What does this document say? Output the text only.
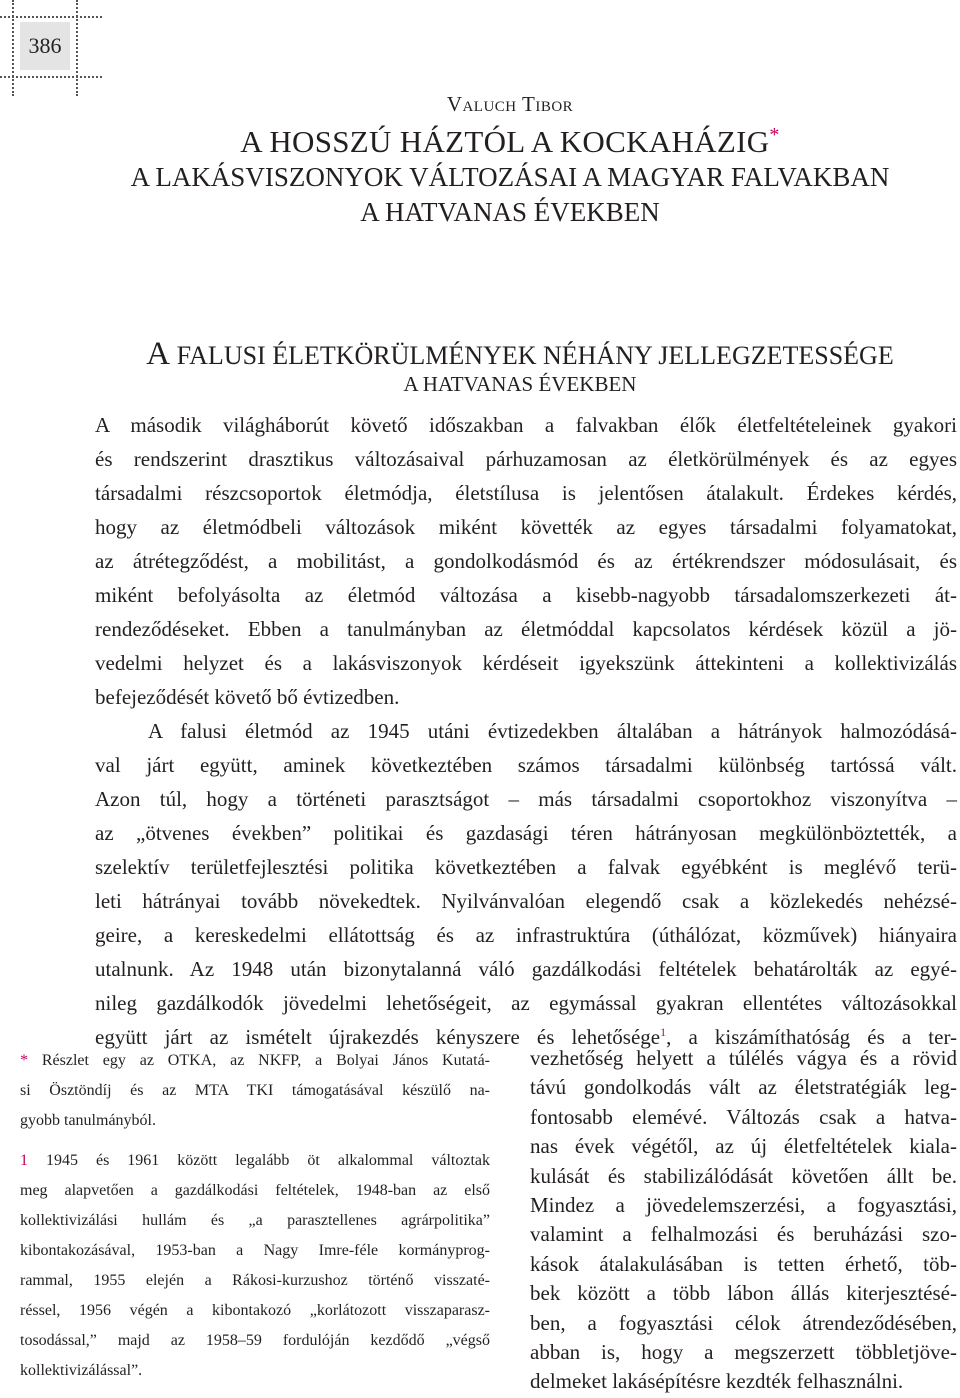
386
Valuch Tibor
A HOSSZÚ HÁZTÓL A KOCKAHÁZIG*
A LAKÁSVISZONYOK VÁLTOZÁSAI A MAGYAR FALVAKBAN
A HATVANAS ÉVEKBEN
A FALUSI ÉLETKÖRÜLMÉNYEK NÉHÁNY JELLEGZETESSÉGE
A HATVANAS ÉVEKBEN
A második világháborút követő időszakban a falvakban élők életfeltételeinek gyakori
és rendszerint drasztikus változásaival párhuzamosan az életkörülmények és az egyes
társadalmi részcsoportok életmódja, életstílusa is jelentősen átalakult. Érdekes kérdés,
hogy az életmódbeli változások miként követték az egyes társadalmi folyamatokat,
az átrétegződést, a mobilitást, a gondolkodásmód és az értékrendszer módosulásait, és
miként befolyásolta az életmód változása a kisebb-nagyobb társadalomszerkezeti át-
rendeződéseket. Ebben a tanulmányban az életmóddal kapcsolatos kérdések közül a jö-
vedelmi helyzet és a lakásviszonyok kérdéseit igyekszünk áttekinteni a kollektivizálás
befejeződését követő bő évtizedben.
A falusi életmód az 1945 utáni évtizedekben általában a hátrányok halmozódásá-
val járt együtt, aminek következtében számos társadalmi különbség tartóssá vált.
Azon túl, hogy a történeti parasztságot – más társadalmi csoportokhoz viszonyítva –
az „ötvenes években” politikai és gazdasági téren hátrányosan megkülönböztették, a
szelektív területfejlesztési politika következtében a falvak egyébként is meglévő terü-
leti hátrányai tovább növekedtek. Nyilvánvalóan elegendő csak a közlekedés nehézsé-
geire, a kereskedelmi ellátottság és az infrastruktúra (úthálózat, közművek) hiányaira
utalnunk. Az 1948 után bizonytalanná váló gazdálkodási feltételek behatárolták az egyé-
nileg gazdálkodók jövedelmi lehetőségeit, az egymással gyakran ellentétes változásokkal
együtt járt az ismételt újrakezdés kényszere és lehetősége$^1$, a kiszámíthatóság és a ter-
* Részlet egy az OTKA, az NKFP, a Bolyai János Kutatá-
si Ösztöndíj és az MTA TKI támogatásával készülő na-
gyobb tanulmányból.
1 1945 és 1961 között legalább öt alkalommal változtak
meg alapvetően a gazdálkodási feltételek, 1948-ban az első
kollektivizálási hullám és „a parasztellenes agrárpolitika”
kibontakozásával, 1953-ban a Nagy Imre-féle kormányprog-
rammal, 1955 elején a Rákosi-kurzushoz történő visszaté-
réssel, 1956 végén a kibontakozó „korlátozott visszaparasz-
tosodással,” majd az 1958–59 fordulóján kezdődő „végső
kollektivizálással”.
vezhetőség helyett a túlélés vágya és a rövid
távú gondolkodás vált az életstratégiák leg-
fontosabb elemévé. Változás csak a hatva-
nas évek végétől, az új életfeltételek kiala-
kulását és stabilizálódását követően állt be.
Mindez a jövedelemszerzési, a fogyasztási,
valamint a felhalmozási és beruházási szo-
kások átalakulásában is tetten érhető, töb-
bek között a több lábon állás kiterjesztésé-
ben, a fogyasztási célok átrendeződésében,
abban is, hogy a megszerzett többletjöve-
delmeket lakásépítésre kezdték felhasználni.
